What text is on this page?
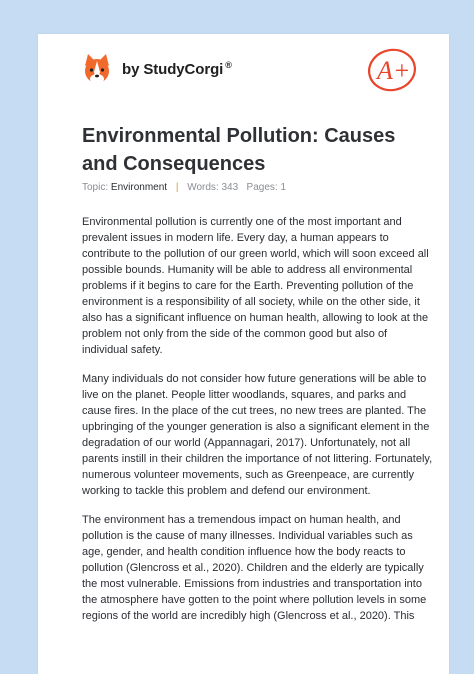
by StudyCorgi ®	A+
Environmental Pollution: Causes and Consequences
Topic: Environment | Words: 343 Pages: 1

Environmental pollution is currently one of the most important and prevalent issues in modern life. Every day, a human appears to contribute to the pollution of our green world, which will soon exceed all possible bounds. Humanity will be able to address all environmental problems if it begins to care for the Earth. Preventing pollution of the environment is a responsibility of all society, while on the other side, it also has a significant influence on human health, allowing to look at the problem not only from the side of the common good but also of individual safety.

Many individuals do not consider how future generations will be able to live on the planet. People litter woodlands, squares, and parks and cause fires. In the place of the cut trees, no new trees are planted. The upbringing of the younger generation is also a significant element in the degradation of our world (Appannagari, 2017). Unfortunately, not all parents instill in their children the importance of not littering. Fortunately, numerous volunteer movements, such as Greenpeace, are currently working to tackle this problem and defend our environment.

The environment has a tremendous impact on human health, and pollution is the cause of many illnesses. Individual variables such as age, gender, and health condition influence how the body reacts to pollution (Glencross et al., 2020). Children and the elderly are typically the most vulnerable. Emissions from industries and transportation into the atmosphere have gotten to the point where pollution levels in some regions of the world are incredibly high (Glencross et al., 2020). This
